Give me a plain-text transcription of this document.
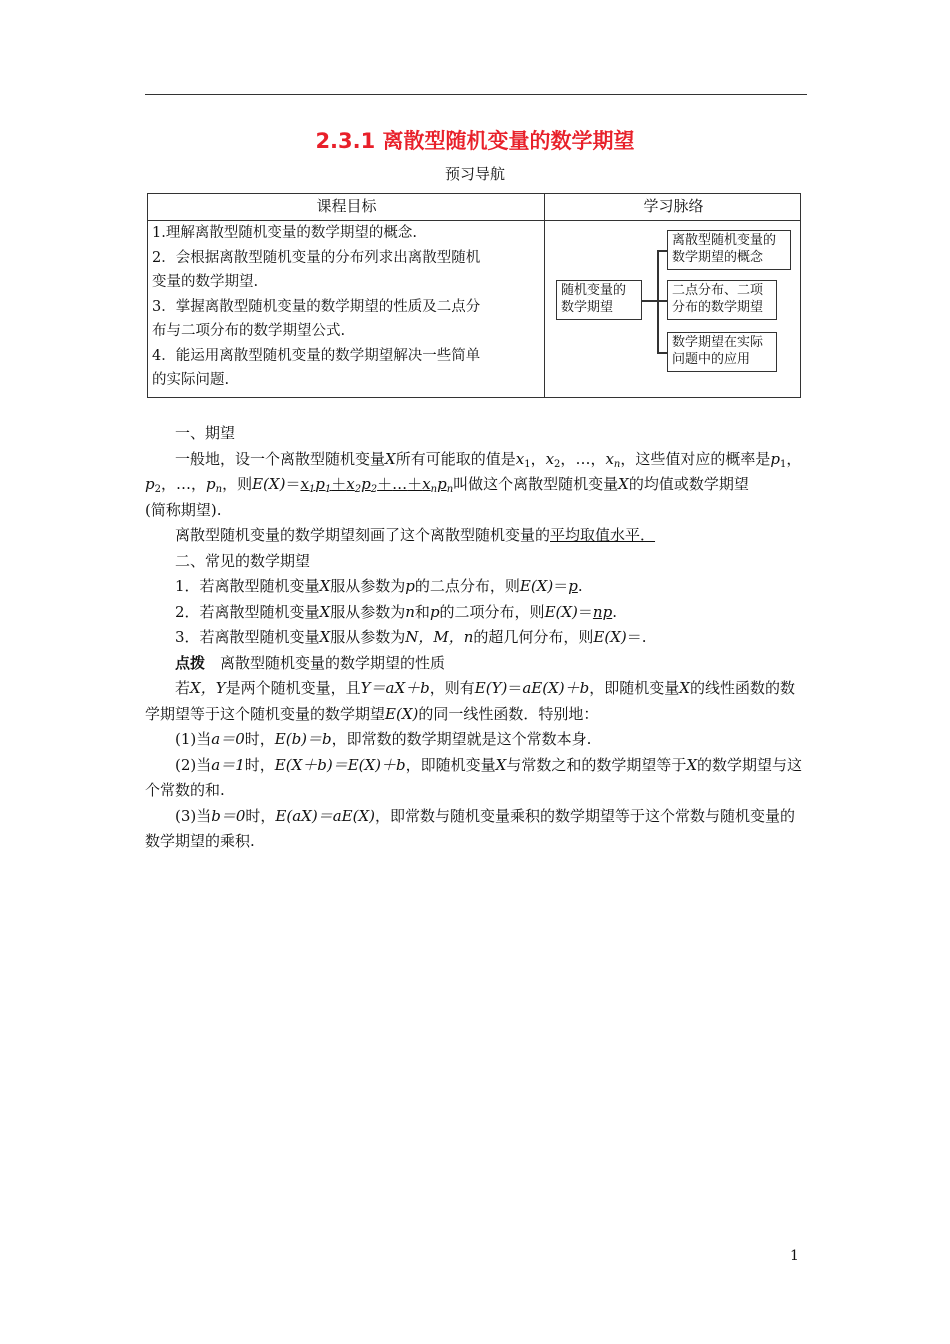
2.3.1 离散型随机变量的数学期望
预习导航
课程目标	学习脉络

1.理解离散型随机变量的数学期望的概念.

2．会根据离散型随机变量的分布列求出离散型随机

变量的数学期望.

3．掌握离散型随机变量的数学期望的性质及二点分

布与二项分布的数学期望公式.

4．能运用离散型随机变量的数学期望解决一些简单

的实际问题.

随机变量的
数学期望
离散型随机变量的
数学期望的概念
二点分布、二项
分布的数学期望
数学期望在实际
问题中的应用

一、期望

一般地，设一个离散型随机变量X所有可能取的值是$x_1$，$x_2$，…，$x_n$，这些值对应的概率是$p_1$，$p_2$，…，$p_n$，则$E(X)=x_1p_1+x_2p_2+\dots+x_np_n$叫做这个离散型随机变量X的均值或数学期望

(简称期望).

离散型随机变量的数学期望刻画了这个离散型随机变量的平均取值水平．

二、常见的数学期望

1．若离散型随机变量X服从参数为p的二点分布，则E(X)＝p.

2．若离散型随机变量X服从参数为n和p的二项分布，则E(X)＝np.

3．若离散型随机变量X服从参数为N，M，n的超几何分布，则E(X)＝.

点拨 离散型随机变量的数学期望的性质

若X，Y是两个随机变量，且Y＝aX＋b，则有E(Y)＝aE(X)＋b，即随机变量X的线性函数的数学期望等于这个随机变量的数学期望E(X)的同一线性函数．特别地：

(1)当a＝0时，E(b)＝b，即常数的数学期望就是这个常数本身.

(2)当a＝1时，E(X＋b)＝E(X)＋b，即随机变量X与常数之和的数学期望等于X的数学期望与这个常数的和.

(3)当b＝0时，E(aX)＝aE(X)，即常数与随机变量乘积的数学期望等于这个常数与随机变量的数学期望的乘积.

1
